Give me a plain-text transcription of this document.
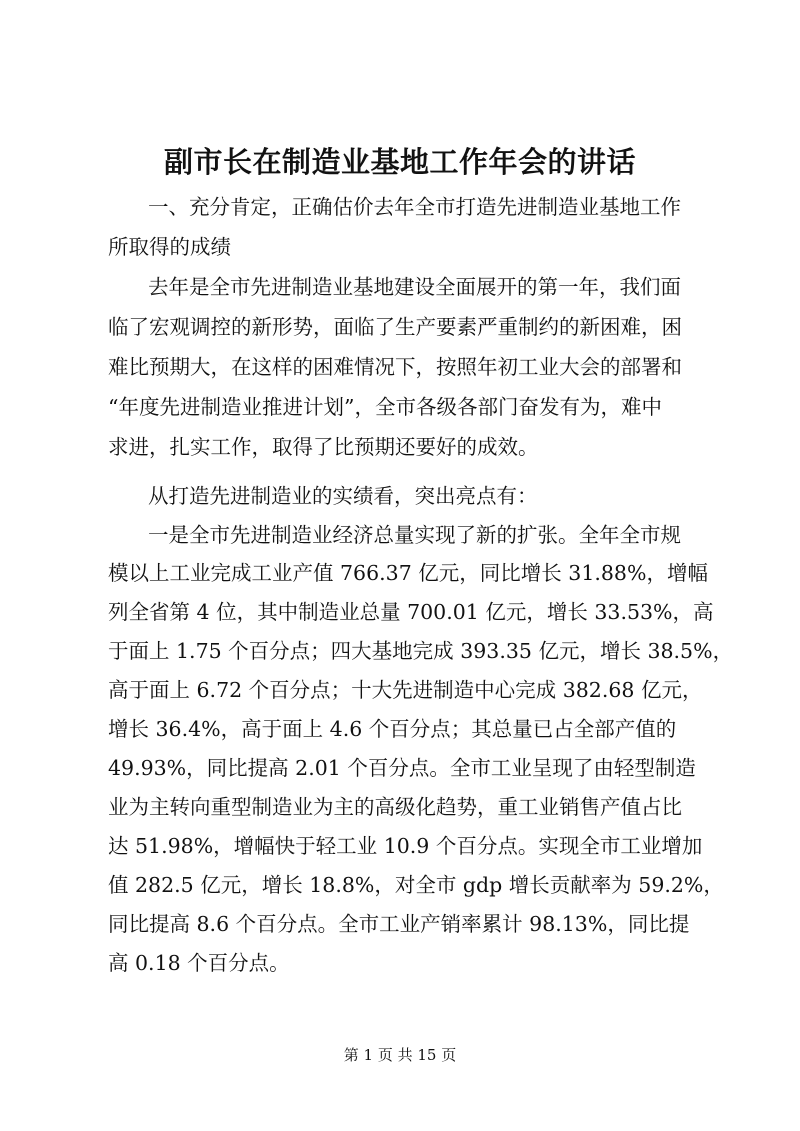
副市长在制造业基地工作年会的讲话
一、充分肯定，正确估价去年全市打造先进制造业基地工作
所取得的成绩
去年是全市先进制造业基地建设全面展开的第一年，我们面
临了宏观调控的新形势，面临了生产要素严重制约的新困难，困
难比预期大，在这样的困难情况下，按照年初工业大会的部署和
“年度先进制造业推进计划”，全市各级各部门奋发有为，难中
求进，扎实工作，取得了比预期还要好的成效。
从打造先进制造业的实绩看，突出亮点有：
一是全市先进制造业经济总量实现了新的扩张。全年全市规
模以上工业完成工业产值 766.37 亿元，同比增长 31.88%，增幅
列全省第 4 位，其中制造业总量 700.01 亿元，增长 33.53%，高
于面上 1.75 个百分点；四大基地完成 393.35 亿元，增长 38.5%，
高于面上 6.72 个百分点；十大先进制造中心完成 382.68 亿元，
增长 36.4%，高于面上 4.6 个百分点；其总量已占全部产值的
49.93%，同比提高 2.01 个百分点。全市工业呈现了由轻型制造
业为主转向重型制造业为主的高级化趋势，重工业销售产值占比
达 51.98%，增幅快于轻工业 10.9 个百分点。实现全市工业增加
值 282.5 亿元，增长 18.8%，对全市 gdp 增长贡献率为 59.2%，
同比提高 8.6 个百分点。全市工业产销率累计 98.13%，同比提
高 0.18 个百分点。
第 1 页 共 15 页
